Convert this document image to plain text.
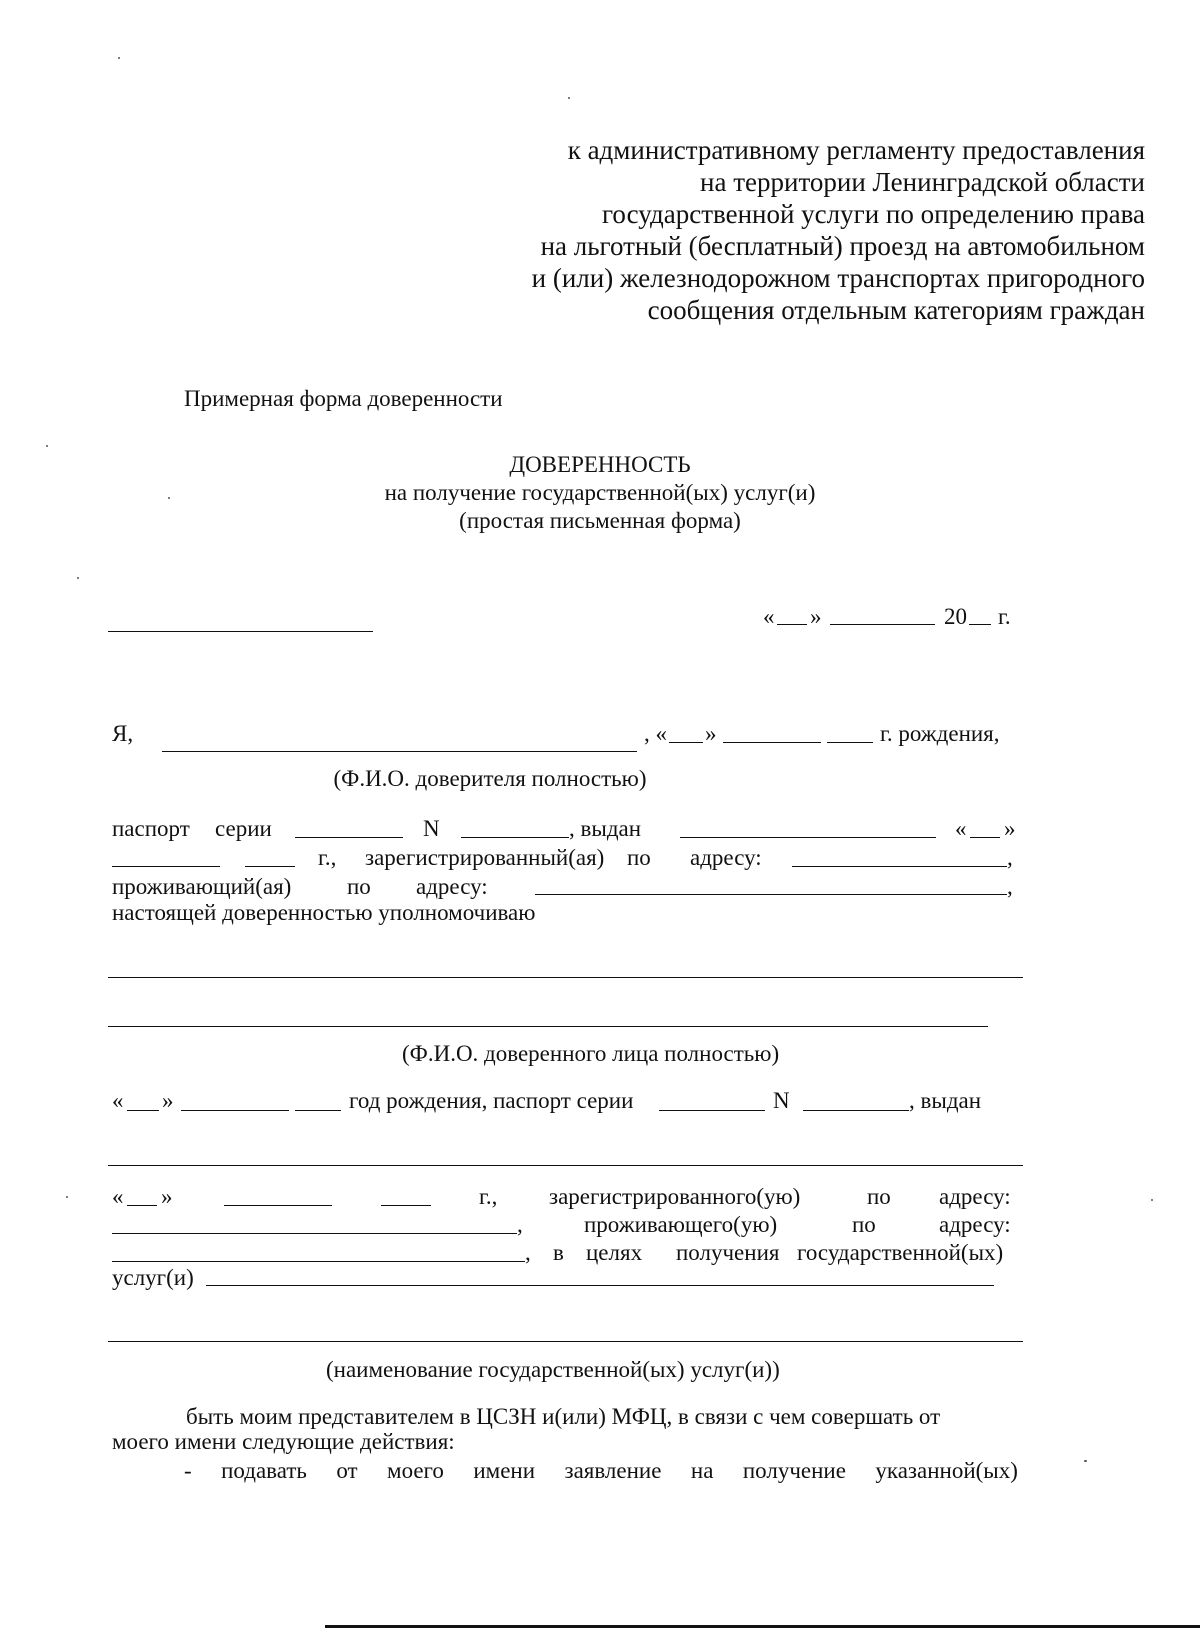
к административному регламенту предоставления
на территории Ленинградской области
государственной услуги по определению права
на льготный (бесплатный) проезд на автомобильном
и (или) железнодорожном транспортах пригородного
сообщения отдельным категориям граждан
Примерная форма доверенности
ДОВЕРЕННОСТЬ
на получение государственной(ых) услуг(и)
(простая письменная форма)
« »	20 г.
Я,	, « »	г. рождения,
(Ф.И.О. доверителя полностью)
паспорт серии	N	, выдан	« »
г., зарегистрированный(ая) по адресу:	,
проживающий(ая) по адресу:	,
настоящей доверенностью уполномочиваю
(Ф.И.О. доверенного лица полностью)
« »	год рождения, паспорт серии	N	, выдан
« »	г., зарегистрированного(ую)	по адресу:
,	проживающего(ую)	по	адресу:
, в целях получения государственной(ых)
услуг(и)
(наименование государственной(ых) услуг(и))
быть моим представителем в ЦСЗН и(или) МФЦ, в связи с чем совершать от
моего имени следующие действия:
- подавать от моего имени заявление на получение указанной(ых)
